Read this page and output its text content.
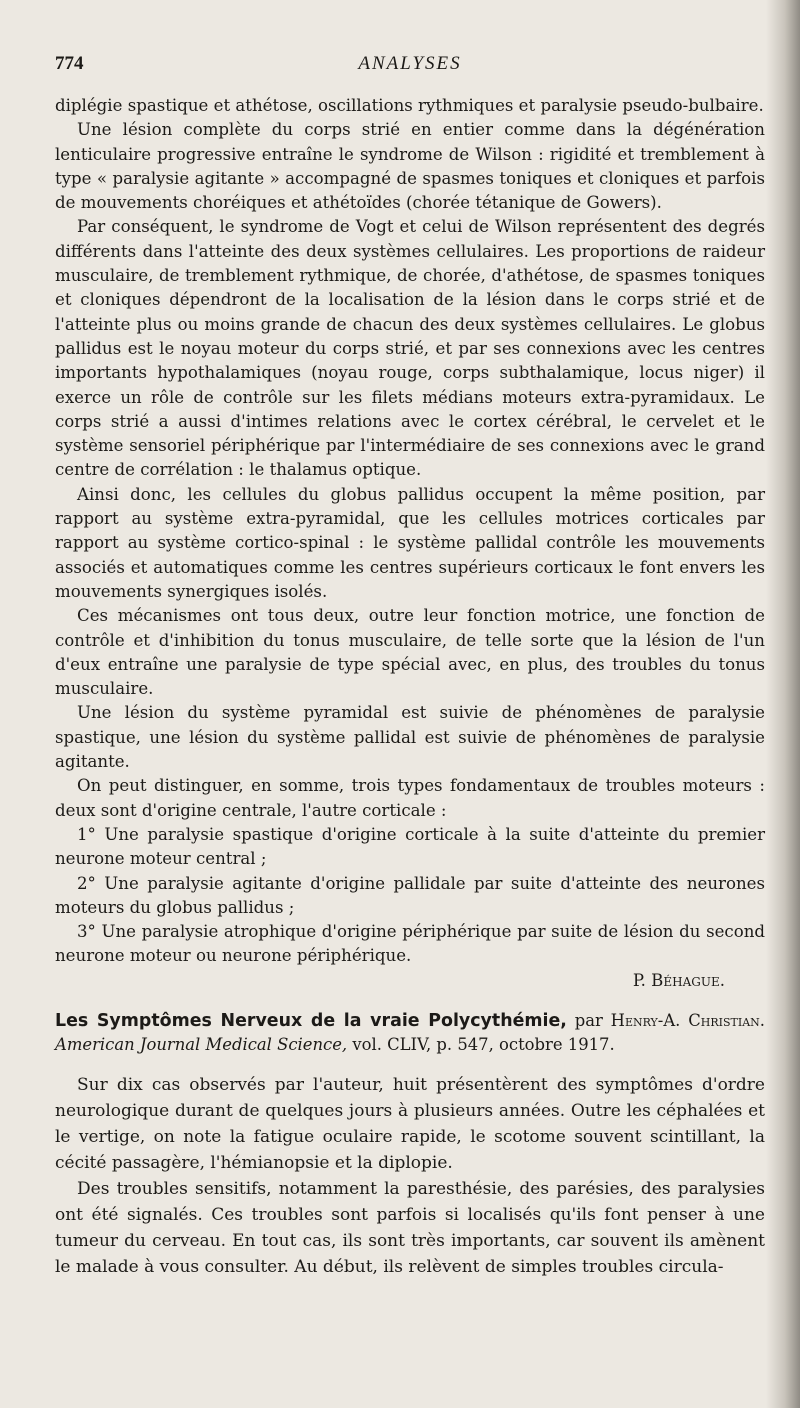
774	ANALYSES

diplégie spastique et athétose, oscillations rythmiques et paralysie pseudo-bulbaire.

Une lésion complète du corps strié en entier comme dans la dégénération lenticulaire progressive entraîne le syndrome de Wilson : rigidité et tremblement à type « paralysie agitante » accompagné de spasmes toniques et cloniques et parfois de mouvements choréiques et athétoïdes (chorée tétanique de Gowers).

Par conséquent, le syndrome de Vogt et celui de Wilson représentent des degrés différents dans l'atteinte des deux systèmes cellulaires. Les proportions de raideur musculaire, de tremblement rythmique, de chorée, d'athétose, de spasmes toniques et cloniques dépendront de la localisation de la lésion dans le corps strié et de l'atteinte plus ou moins grande de chacun des deux systèmes cellulaires. Le globus pallidus est le noyau moteur du corps strié, et par ses connexions avec les centres importants hypothalamiques (noyau rouge, corps subthalamique, locus niger) il exerce un rôle de contrôle sur les filets médians moteurs extra-pyramidaux. Le corps strié a aussi d'intimes relations avec le cortex cérébral, le cervelet et le système sensoriel périphérique par l'intermédiaire de ses connexions avec le grand centre de corrélation : le thalamus optique.

Ainsi donc, les cellules du globus pallidus occupent la même position, par rapport au système extra-pyramidal, que les cellules motrices corticales par rapport au système cortico-spinal : le système pallidal contrôle les mouvements associés et automatiques comme les centres supérieurs corticaux le font envers les mouvements synergiques isolés.

Ces mécanismes ont tous deux, outre leur fonction motrice, une fonction de contrôle et d'inhibition du tonus musculaire, de telle sorte que la lésion de l'un d'eux entraîne une paralysie de type spécial avec, en plus, des troubles du tonus musculaire.

Une lésion du système pyramidal est suivie de phénomènes de paralysie spastique, une lésion du système pallidal est suivie de phénomènes de paralysie agitante.

On peut distinguer, en somme, trois types fondamentaux de troubles moteurs : deux sont d'origine centrale, l'autre corticale :

1° Une paralysie spastique d'origine corticale à la suite d'atteinte du premier neurone moteur central ;

2° Une paralysie agitante d'origine pallidale par suite d'atteinte des neurones moteurs du globus pallidus ;

3° Une paralysie atrophique d'origine périphérique par suite de lésion du second neurone moteur ou neurone périphérique.

P. Béhague.

Les Symptômes Nerveux de la vraie Polycythémie, par Henry-A. Christian. American Journal Medical Science, vol. CLIV, p. 547, octobre 1917.

Sur dix cas observés par l'auteur, huit présentèrent des symptômes d'ordre neurologique durant de quelques jours à plusieurs années. Outre les céphalées et le vertige, on note la fatigue oculaire rapide, le scotome souvent scintillant, la cécité passagère, l'hémianopsie et la diplopie.

Des troubles sensitifs, notamment la paresthésie, des parésies, des paralysies ont été signalés. Ces troubles sont parfois si localisés qu'ils font penser à une tumeur du cerveau. En tout cas, ils sont très importants, car souvent ils amènent le malade à vous consulter. Au début, ils relèvent de simples troubles circula-
